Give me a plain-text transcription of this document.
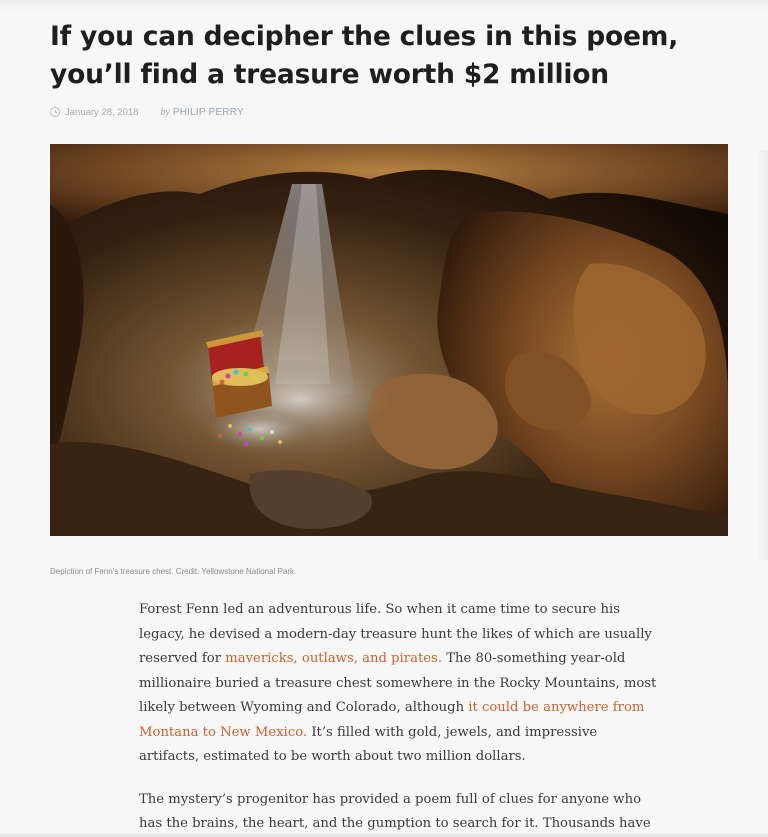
If you can decipher the clues in this poem, you’ll find a treasure worth $2 million
January 28, 2018 by PHILIP PERRY
Depiction of Fenn’s treasure chest. Credit: Yellowstone National Park.

Forest Fenn led an adventurous life. So when it came time to secure his legacy, he devised a modern-day treasure hunt the likes of which are usually reserved for mavericks, outlaws, and pirates. The 80-something year-old millionaire buried a treasure chest somewhere in the Rocky Mountains, most likely between Wyoming and Colorado, although it could be anywhere from Montana to New Mexico. It’s filled with gold, jewels, and impressive artifacts, estimated to be worth about two million dollars.

The mystery’s progenitor has provided a poem full of clues for anyone who has the brains, the heart, and the gumption to search for it. Thousands have
